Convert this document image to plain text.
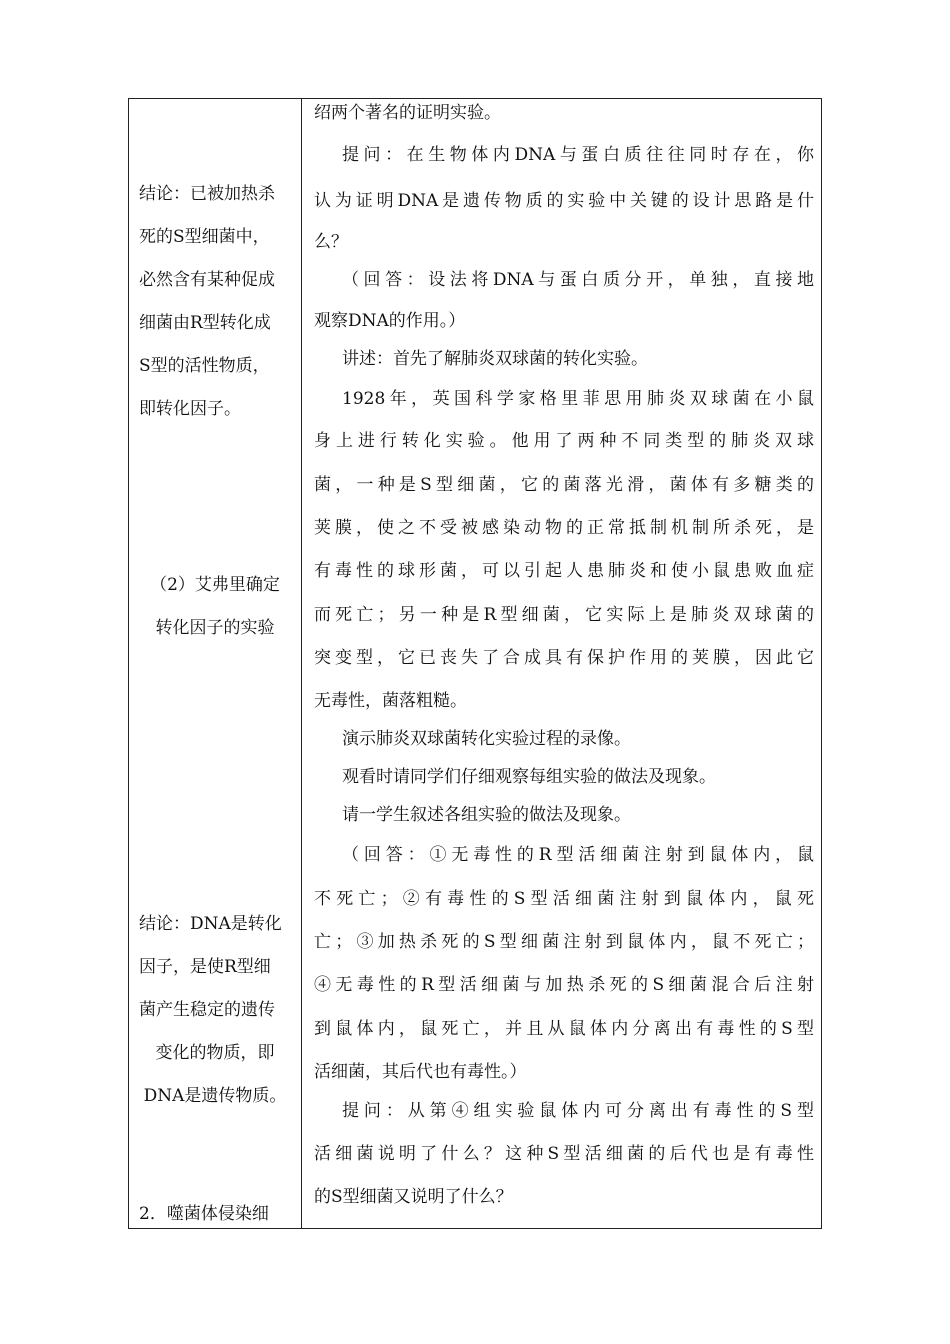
结论：已被加热杀
死的S型细菌中，
必然含有某种促成
细菌由R型转化成
S型的活性物质，
即转化因子。
（2）艾弗里确定
转化因子的实验
结论：DNA是转化
因子，是使R型细
菌产生稳定的遗传
变化的物质，即
DNA是遗传物质。
2．噬菌体侵染细
绍两个著名的证明实验。
提问：在生物体内DNA与蛋白质往往同时存在，你
认为证明DNA是遗传物质的实验中关键的设计思路是什
么？
（回答：设法将DNA与蛋白质分开，单独，直接地
观察DNA的作用。）
讲述：首先了解肺炎双球菌的转化实验。
1928年，英国科学家格里菲思用肺炎双球菌在小鼠
身上进行转化实验。他用了两种不同类型的肺炎双球
菌，一种是S型细菌，它的菌落光滑，菌体有多糖类的
荚膜，使之不受被感染动物的正常抵制机制所杀死，是
有毒性的球形菌，可以引起人患肺炎和使小鼠患败血症
而死亡；另一种是R型细菌，它实际上是肺炎双球菌的
突变型，它已丧失了合成具有保护作用的荚膜，因此它
无毒性，菌落粗糙。
演示肺炎双球菌转化实验过程的录像。
观看时请同学们仔细观察每组实验的做法及现象。
请一学生叙述各组实验的做法及现象。
（回答：①无毒性的R型活细菌注射到鼠体内，鼠
不死亡；②有毒性的S型活细菌注射到鼠体内，鼠死
亡；③加热杀死的S型细菌注射到鼠体内，鼠不死亡；
④无毒性的R型活细菌与加热杀死的S细菌混合后注射
到鼠体内，鼠死亡，并且从鼠体内分离出有毒性的S型
活细菌，其后代也有毒性。）
提问：从第④组实验鼠体内可分离出有毒性的S型
活细菌说明了什么？这种S型活细菌的后代也是有毒性
的S型细菌又说明了什么？
